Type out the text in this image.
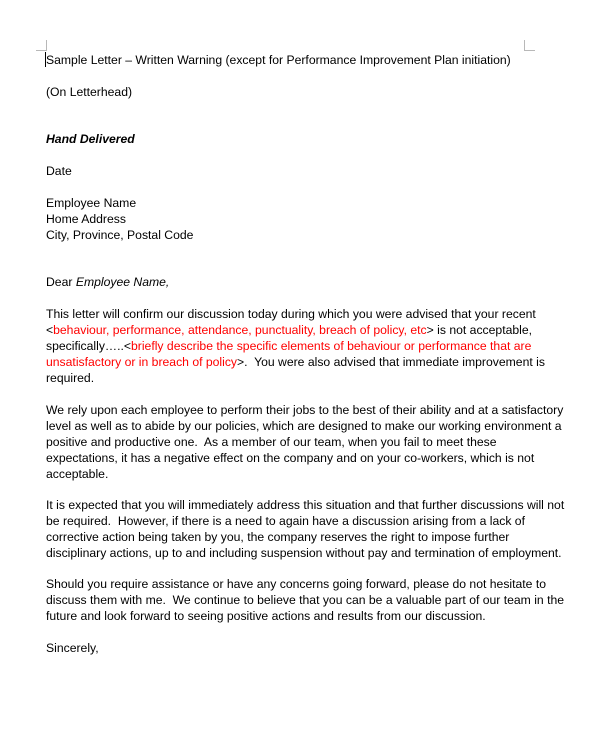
Sample Letter – Written Warning (except for Performance Improvement Plan initiation)
(On Letterhead)
Hand Delivered
Date
Employee Name
Home Address
City, Province, Postal Code
Dear Employee Name,
This letter will confirm our discussion today during which you were advised that your recent
<behaviour, performance, attendance, punctuality, breach of policy, etc> is not acceptable,
specifically…..<briefly describe the specific elements of behaviour or performance that are
unsatisfactory or in breach of policy>.  You were also advised that immediate improvement is
required.
We rely upon each employee to perform their jobs to the best of their ability and at a satisfactory
level as well as to abide by our policies, which are designed to make our working environment a
positive and productive one.  As a member of our team, when you fail to meet these
expectations, it has a negative effect on the company and on your co-workers, which is not
acceptable.
It is expected that you will immediately address this situation and that further discussions will not
be required.  However, if there is a need to again have a discussion arising from a lack of
corrective action being taken by you, the company reserves the right to impose further
disciplinary actions, up to and including suspension without pay and termination of employment.
Should you require assistance or have any concerns going forward, please do not hesitate to
discuss them with me.  We continue to believe that you can be a valuable part of our team in the
future and look forward to seeing positive actions and results from our discussion.
Sincerely,
